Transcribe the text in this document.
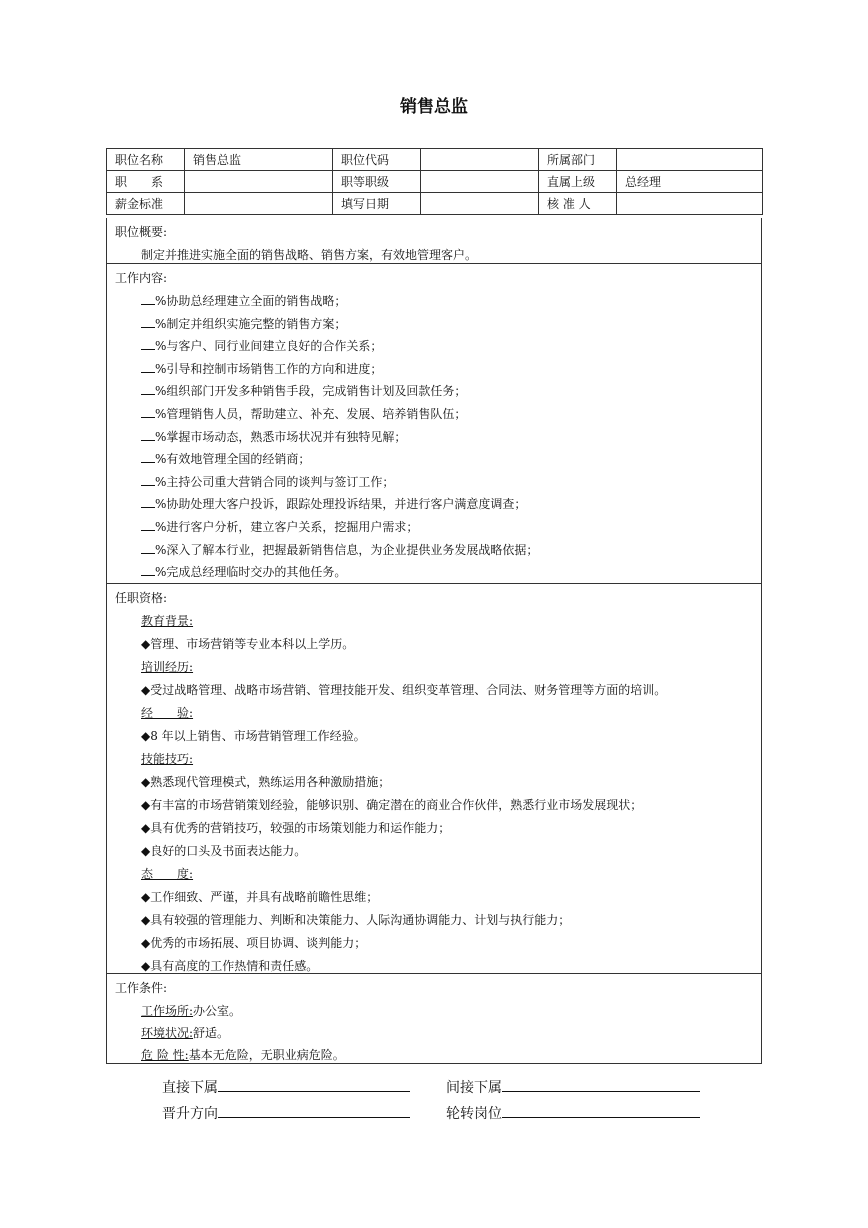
销售总监
职位名称	销售总监	职位代码		所属部门	
职　　系		职等职级		直属上级	总经理
薪金标准		填写日期		核 准 人	
职位概要:
制定并推进实施全面的销售战略、销售方案，有效地管理客户。
工作内容:
%协助总经理建立全面的销售战略；
%制定并组织实施完整的销售方案；
%与客户、同行业间建立良好的合作关系；
%引导和控制市场销售工作的方向和进度；
%组织部门开发多种销售手段，完成销售计划及回款任务；
%管理销售人员，帮助建立、补充、发展、培养销售队伍；
%掌握市场动态，熟悉市场状况并有独特见解；
%有效地管理全国的经销商；
%主持公司重大营销合同的谈判与签订工作；
%协助处理大客户投诉，跟踪处理投诉结果，并进行客户满意度调查；
%进行客户分析，建立客户关系，挖掘用户需求；
%深入了解本行业，把握最新销售信息，为企业提供业务发展战略依据；
%完成总经理临时交办的其他任务。
任职资格:
教育背景:
◆管理、市场营销等专业本科以上学历。
培训经历:
◆受过战略管理、战略市场营销、管理技能开发、组织变革管理、合同法、财务管理等方面的培训。
经　　验:
◆8 年以上销售、市场营销管理工作经验。
技能技巧:
◆熟悉现代管理模式，熟练运用各种激励措施；
◆有丰富的市场营销策划经验，能够识别、确定潜在的商业合作伙伴，熟悉行业市场发展现状；
◆具有优秀的营销技巧，较强的市场策划能力和运作能力；
◆良好的口头及书面表达能力。
态　　度:
◆工作细致、严谨，并具有战略前瞻性思维；
◆具有较强的管理能力、判断和决策能力、人际沟通协调能力、计划与执行能力；
◆优秀的市场拓展、项目协调、谈判能力；
◆具有高度的工作热情和责任感。
工作条件:
工作场所:办公室。
环境状况:舒适。
危 险 性:基本无危险，无职业病危险。
直接下属	间接下属
晋升方向	轮转岗位
